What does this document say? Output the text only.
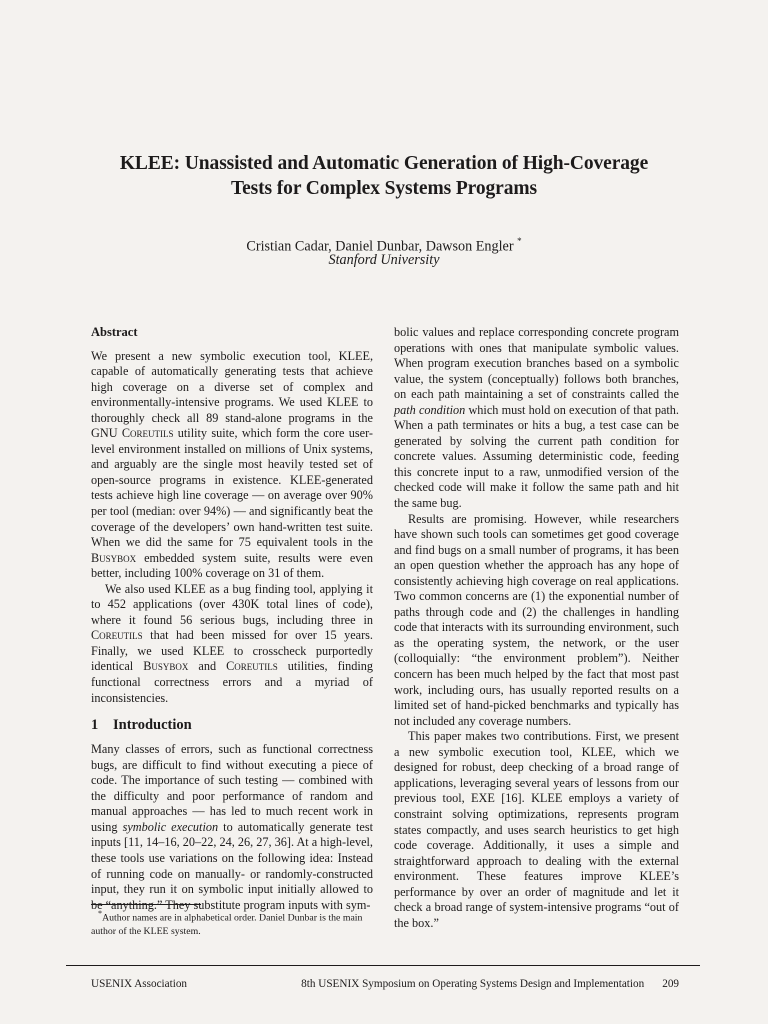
KLEE: Unassisted and Automatic Generation of High-Coverage
Tests for Complex Systems Programs
Cristian Cadar, Daniel Dunbar, Dawson Engler *
Stanford University
Abstract

We present a new symbolic execution tool, KLEE, capable of automatically generating tests that achieve high coverage on a diverse set of complex and environmentally-intensive programs. We used KLEE to thoroughly check all 89 stand-alone programs in the GNU Coreutils utility suite, which form the core user-level environment installed on millions of Unix systems, and arguably are the single most heavily tested set of open-source programs in existence. KLEE-generated tests achieve high line coverage — on average over 90% per tool (median: over 94%) — and significantly beat the coverage of the developers’ own hand-written test suite. When we did the same for 75 equivalent tools in the Busybox embedded system suite, results were even better, including 100% coverage on 31 of them.

We also used KLEE as a bug finding tool, applying it to 452 applications (over 430K total lines of code), where it found 56 serious bugs, including three in Coreutils that had been missed for over 15 years. Finally, we used KLEE to crosscheck purportedly identical Busybox and Coreutils utilities, finding functional correctness errors and a myriad of inconsistencies.

1 Introduction

Many classes of errors, such as functional correctness bugs, are difficult to find without executing a piece of code. The importance of such testing — combined with the difficulty and poor performance of random and manual approaches — has led to much recent work in using symbolic execution to automatically generate test inputs [11, 14–16, 20–22, 24, 26, 27, 36]. At a high-level, these tools use variations on the following idea: Instead of running code on manually- or randomly-constructed input, they run it on symbolic input initially allowed to be “anything.” They substitute program inputs with sym-

bolic values and replace corresponding concrete program operations with ones that manipulate symbolic values. When program execution branches based on a symbolic value, the system (conceptually) follows both branches, on each path maintaining a set of constraints called the path condition which must hold on execution of that path. When a path terminates or hits a bug, a test case can be generated by solving the current path condition for concrete values. Assuming deterministic code, feeding this concrete input to a raw, unmodified version of the checked code will make it follow the same path and hit the same bug.

Results are promising. However, while researchers have shown such tools can sometimes get good coverage and find bugs on a small number of programs, it has been an open question whether the approach has any hope of consistently achieving high coverage on real applications. Two common concerns are (1) the exponential number of paths through code and (2) the challenges in handling code that interacts with its surrounding environment, such as the operating system, the network, or the user (colloquially: “the environment problem”). Neither concern has been much helped by the fact that most past work, including ours, has usually reported results on a limited set of hand-picked benchmarks and typically has not included any coverage numbers.

This paper makes two contributions. First, we present a new symbolic execution tool, KLEE, which we designed for robust, deep checking of a broad range of applications, leveraging several years of lessons from our previous tool, EXE [16]. KLEE employs a variety of constraint solving optimizations, represents program states compactly, and uses search heuristics to get high code coverage. Additionally, it uses a simple and straightforward approach to dealing with the external environment. These features improve KLEE’s performance by over an order of magnitude and let it check a broad range of system-intensive programs “out of the box.”

*Author names are in alphabetical order. Daniel Dunbar is the main author of the KLEE system.
USENIX Association	8th USENIX Symposium on Operating Systems Design and Implementation 209
